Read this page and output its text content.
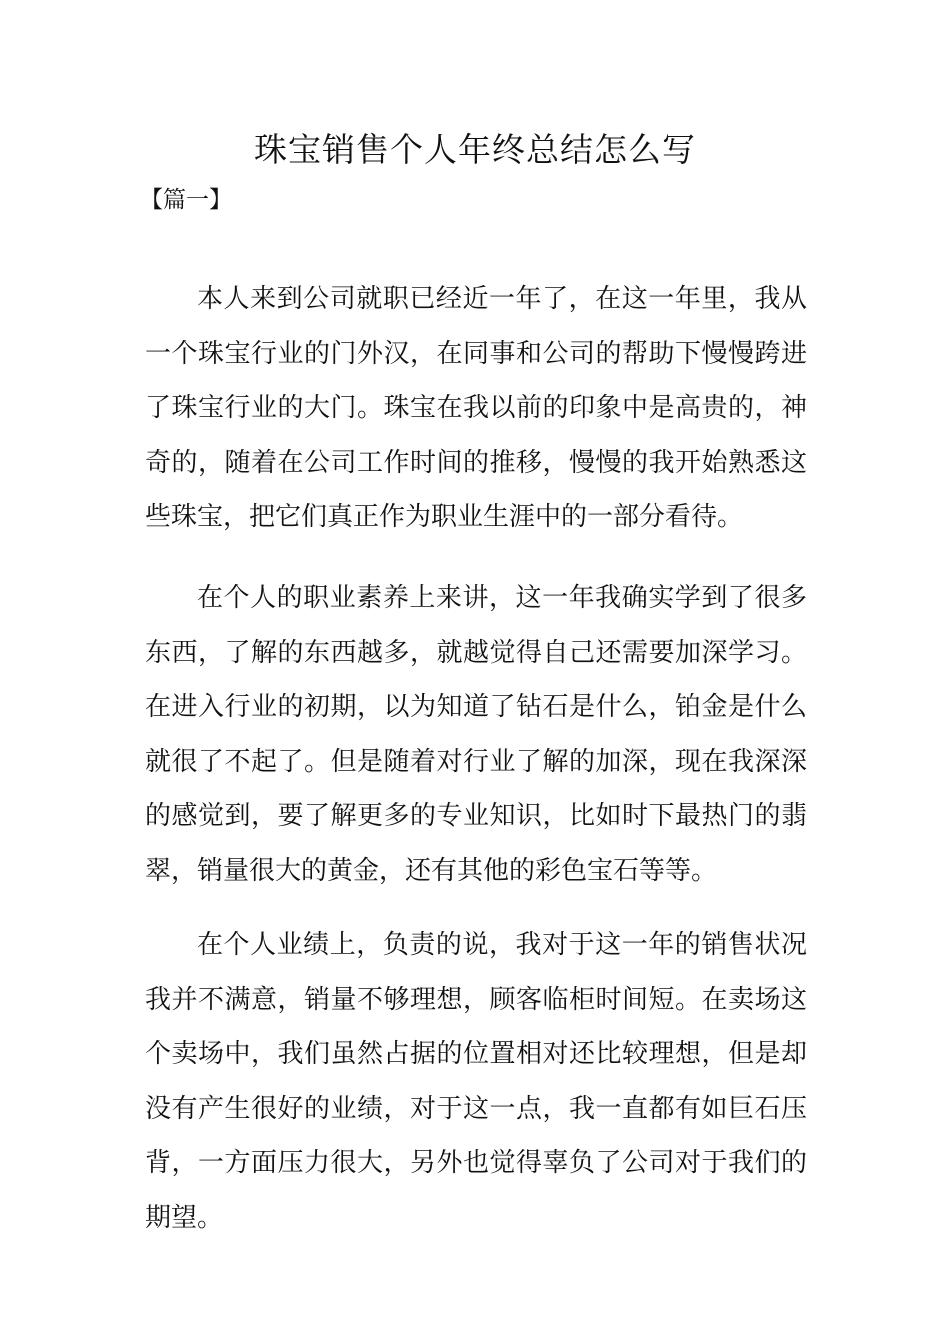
珠宝销售个人年终总结怎么写

【篇一】

本人来到公司就职已经近一年了，在这一年里，我从一个珠宝行业的门外汉，在同事和公司的帮助下慢慢跨进了珠宝行业的大门。珠宝在我以前的印象中是高贵的，神奇的，随着在公司工作时间的推移，慢慢的我开始熟悉这些珠宝，把它们真正作为职业生涯中的一部分看待。

在个人的职业素养上来讲，这一年我确实学到了很多东西，了解的东西越多，就越觉得自己还需要加深学习。在进入行业的初期，以为知道了钻石是什么，铂金是什么就很了不起了。但是随着对行业了解的加深，现在我深深的感觉到，要了解更多的专业知识，比如时下最热门的翡翠，销量很大的黄金，还有其他的彩色宝石等等。

在个人业绩上，负责的说，我对于这一年的销售状况我并不满意，销量不够理想，顾客临柜时间短。在卖场这个卖场中，我们虽然占据的位置相对还比较理想，但是却没有产生很好的业绩，对于这一点，我一直都有如巨石压背，一方面压力很大，另外也觉得辜负了公司对于我们的期望。
